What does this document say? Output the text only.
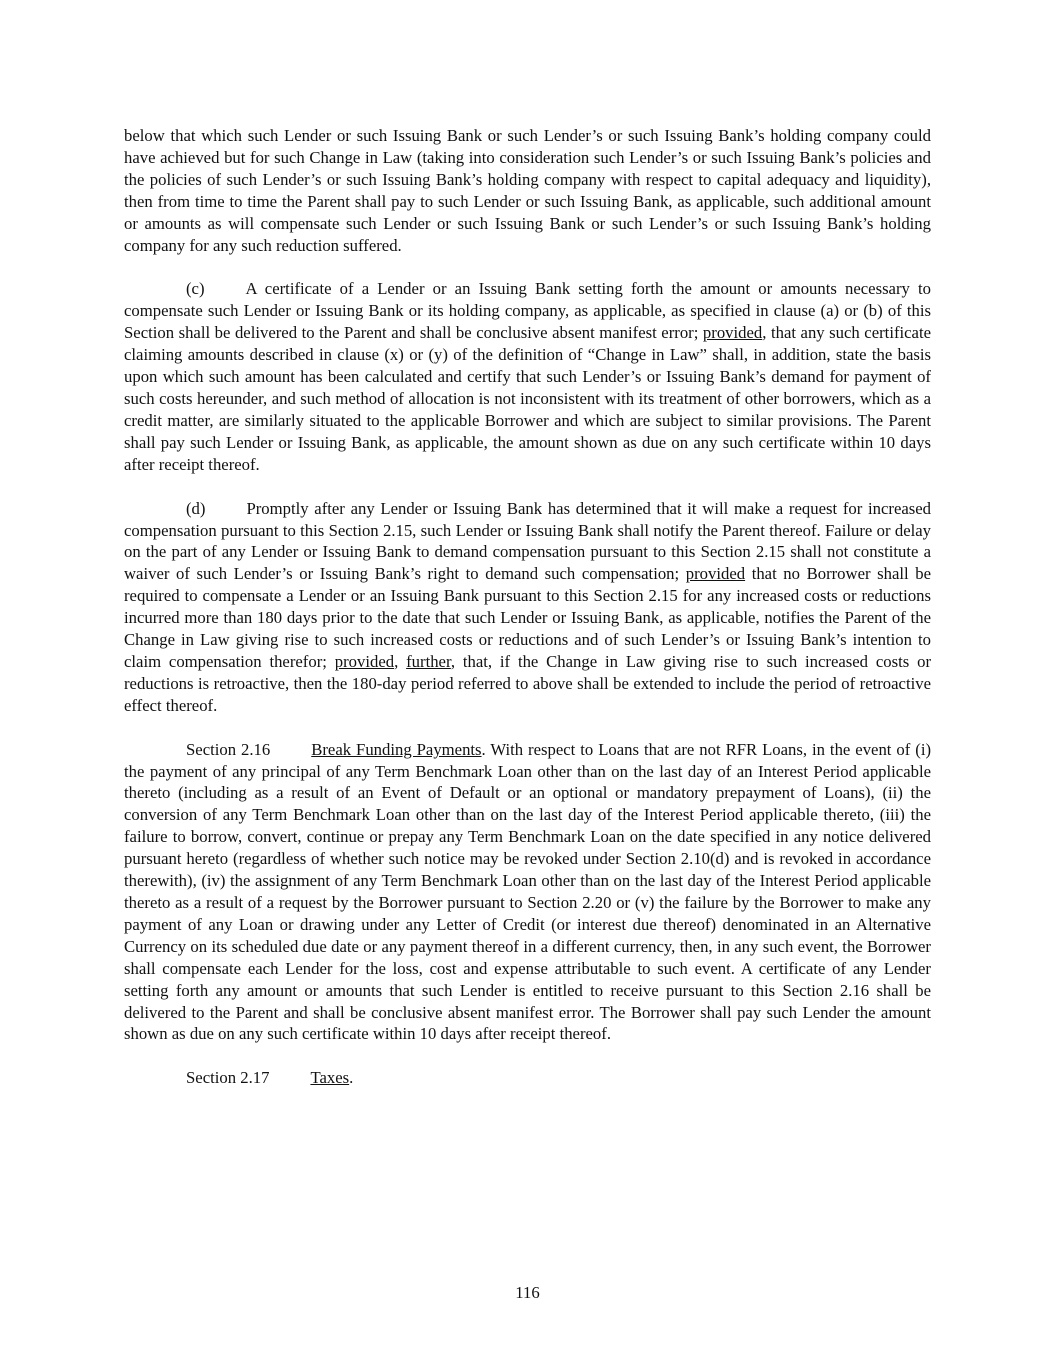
below that which such Lender or such Issuing Bank or such Lender’s or such Issuing Bank’s holding company could have achieved but for such Change in Law (taking into consideration such Lender’s or such Issuing Bank’s policies and the policies of such Lender’s or such Issuing Bank’s holding company with respect to capital adequacy and liquidity), then from time to time the Parent shall pay to such Lender or such Issuing Bank, as applicable, such additional amount or amounts as will compensate such Lender or such Issuing Bank or such Lender’s or such Issuing Bank’s holding company for any such reduction suffered.

(c) A certificate of a Lender or an Issuing Bank setting forth the amount or amounts necessary to compensate such Lender or Issuing Bank or its holding company, as applicable, as specified in clause (a) or (b) of this Section shall be delivered to the Parent and shall be conclusive absent manifest error; provided, that any such certificate claiming amounts described in clause (x) or (y) of the definition of “Change in Law” shall, in addition, state the basis upon which such amount has been calculated and certify that such Lender’s or Issuing Bank’s demand for payment of such costs hereunder, and such method of allocation is not inconsistent with its treatment of other borrowers, which as a credit matter, are similarly situated to the applicable Borrower and which are subject to similar provisions. The Parent shall pay such Lender or Issuing Bank, as applicable, the amount shown as due on any such certificate within 10 days after receipt thereof.

(d) Promptly after any Lender or Issuing Bank has determined that it will make a request for increased compensation pursuant to this Section 2.15, such Lender or Issuing Bank shall notify the Parent thereof. Failure or delay on the part of any Lender or Issuing Bank to demand compensation pursuant to this Section 2.15 shall not constitute a waiver of such Lender’s or Issuing Bank’s right to demand such compensation; provided that no Borrower shall be required to compensate a Lender or an Issuing Bank pursuant to this Section 2.15 for any increased costs or reductions incurred more than 180 days prior to the date that such Lender or Issuing Bank, as applicable, notifies the Parent of the Change in Law giving rise to such increased costs or reductions and of such Lender’s or Issuing Bank’s intention to claim compensation therefor; provided, further, that, if the Change in Law giving rise to such increased costs or reductions is retroactive, then the 180-day period referred to above shall be extended to include the period of retroactive effect thereof.

Section 2.16 Break Funding Payments. With respect to Loans that are not RFR Loans, in the event of (i) the payment of any principal of any Term Benchmark Loan other than on the last day of an Interest Period applicable thereto (including as a result of an Event of Default or an optional or mandatory prepayment of Loans), (ii) the conversion of any Term Benchmark Loan other than on the last day of the Interest Period applicable thereto, (iii) the failure to borrow, convert, continue or prepay any Term Benchmark Loan on the date specified in any notice delivered pursuant hereto (regardless of whether such notice may be revoked under Section 2.10(d) and is revoked in accordance therewith), (iv) the assignment of any Term Benchmark Loan other than on the last day of the Interest Period applicable thereto as a result of a request by the Borrower pursuant to Section 2.20 or (v) the failure by the Borrower to make any payment of any Loan or drawing under any Letter of Credit (or interest due thereof) denominated in an Alternative Currency on its scheduled due date or any payment thereof in a different currency, then, in any such event, the Borrower shall compensate each Lender for the loss, cost and expense attributable to such event. A certificate of any Lender setting forth any amount or amounts that such Lender is entitled to receive pursuant to this Section 2.16 shall be delivered to the Parent and shall be conclusive absent manifest error. The Borrower shall pay such Lender the amount shown as due on any such certificate within 10 days after receipt thereof.

Section 2.17 Taxes.

116
